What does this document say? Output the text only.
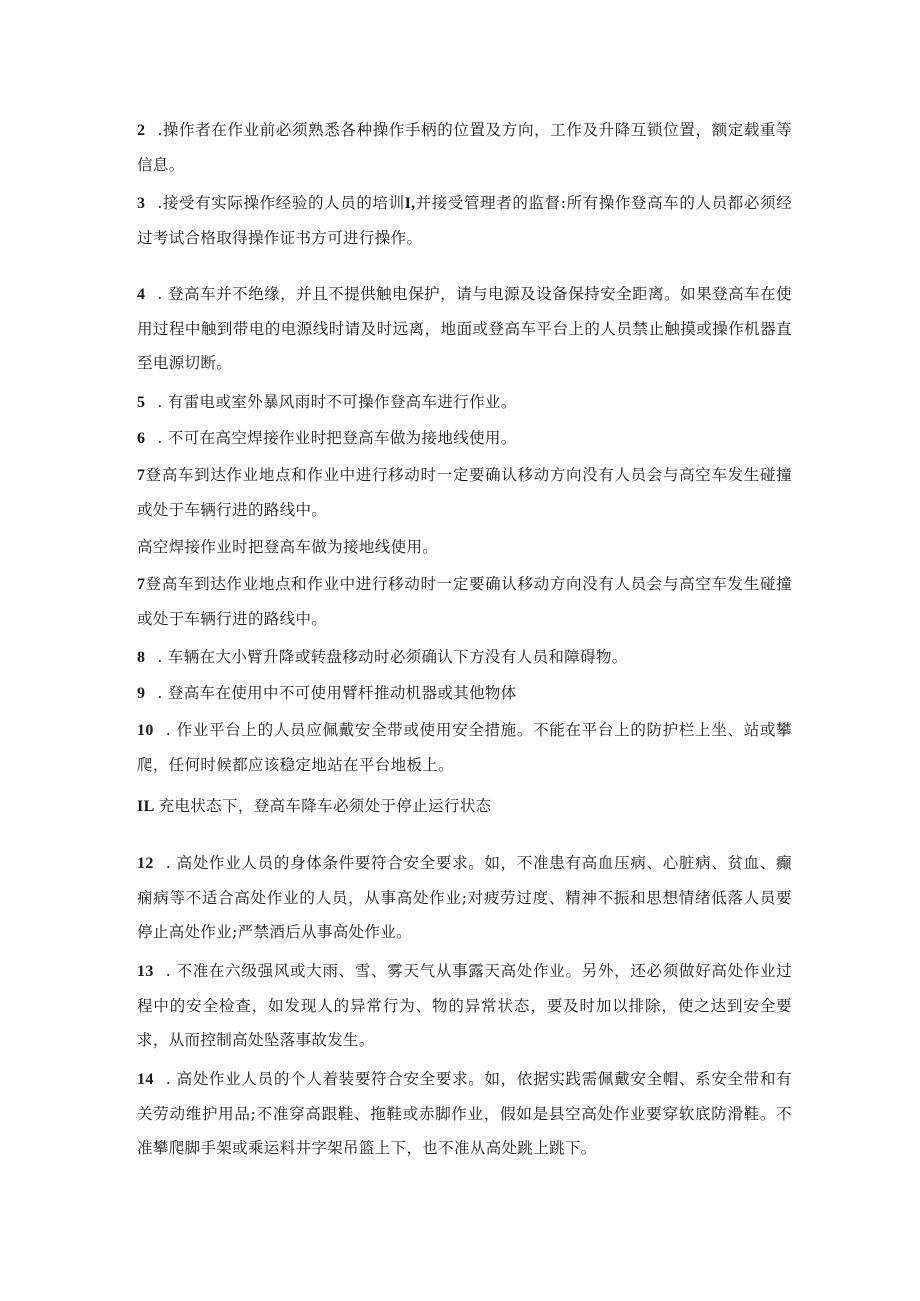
2 .操作者在作业前必须熟悉各种操作手柄的位置及方向，工作及升降互锁位置，额定载重等信息。

3 .接受有实际操作经验的人员的培训I,并接受管理者的监督:所有操作登高车的人员都必须经过考试合格取得操作证书方可进行操作。

4 . 登高车并不绝缘，并且不提供触电保护，请与电源及设备保持安全距离。如果登高车在使用过程中触到带电的电源线时请及时远离，地面或登高车平台上的人员禁止触摸或操作机器直至电源切断。

5 . 有雷电或室外暴风雨时不可操作登高车进行作业。

6 . 不可在高空焊接作业时把登高车做为接地线使用。

7登高车到达作业地点和作业中进行移动时一定要确认移动方向没有人员会与高空车发生碰撞或处于车辆行进的路线中。

高空焊接作业时把登高车做为接地线使用。

7登高车到达作业地点和作业中进行移动时一定要确认移动方向没有人员会与高空车发生碰撞或处于车辆行进的路线中。

8 . 车辆在大小臂升降或转盘移动时必须确认下方没有人员和障碍物。

9 . 登高车在使用中不可使用臂杆推动机器或其他物体

10 . 作业平台上的人员应佩戴安全带或使用安全措施。不能在平台上的防护栏上坐、站或攀爬，任何时候都应该稳定地站在平台地板上。

IL 充电状态下，登高车降车必须处于停止运行状态

12 . 高处作业人员的身体条件要符合安全要求。如，不准患有高血压病、心脏病、贫血、癫痫病等不适合高处作业的人员，从事高处作业;对疲劳过度、精神不振和思想情绪低落人员要停止高处作业;严禁酒后从事高处作业。

13 . 不准在六级强风或大雨、雪、雾天气从事露天高处作业。另外，还必须做好高处作业过程中的安全检查，如发现人的异常行为、物的异常状态，要及时加以排除，使之达到安全要求，从而控制高处坠落事故发生。

14 . 高处作业人员的个人着装要符合安全要求。如，依据实践需佩戴安全帽、系安全带和有关劳动维护用品;不准穿高跟鞋、拖鞋或赤脚作业，假如是县空高处作业要穿软底防滑鞋。不准攀爬脚手架或乘运料井字架吊篮上下，也不准从高处跳上跳下。
